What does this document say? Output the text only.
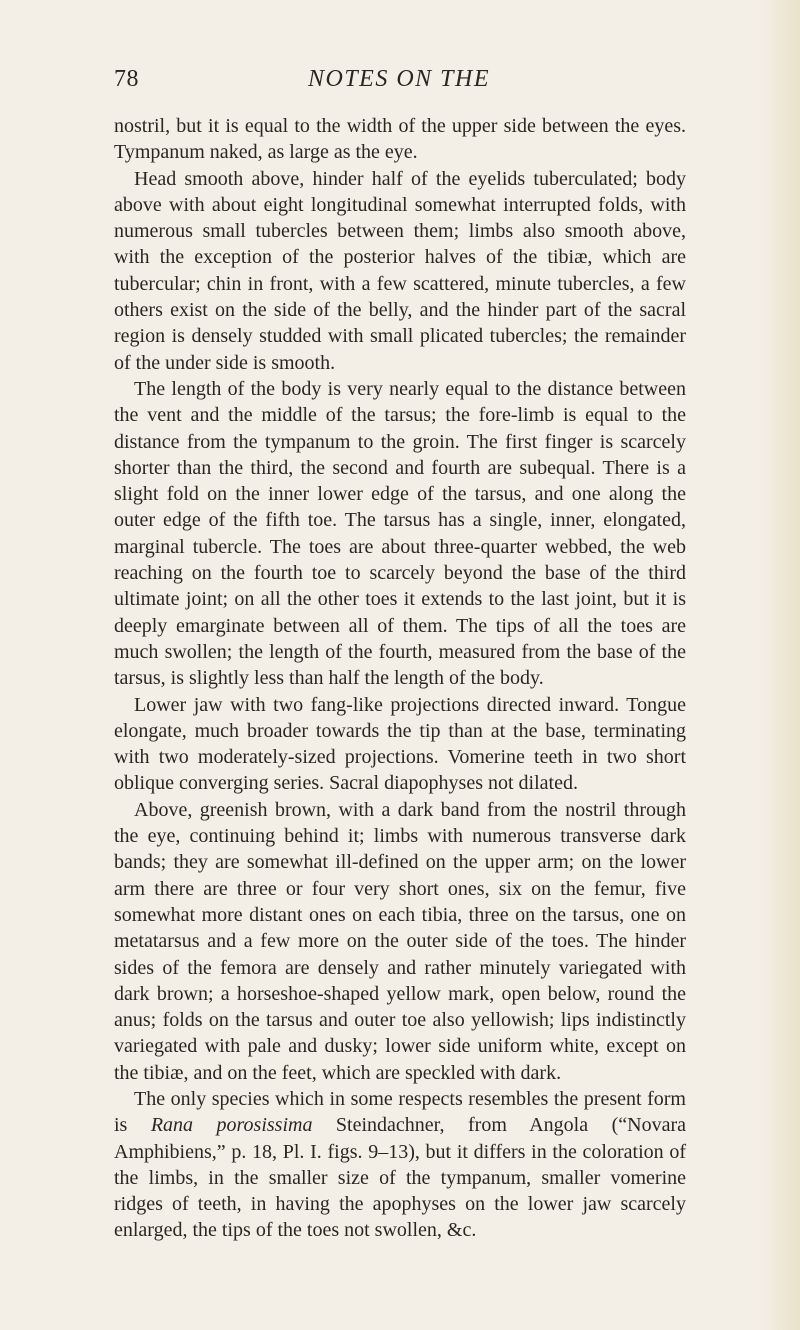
78	NOTES ON THE

nostril, but it is equal to the width of the upper side between the eyes. Tympanum naked, as large as the eye.

Head smooth above, hinder half of the eyelids tuberculated; body above with about eight longitudinal somewhat interrupted folds, with numerous small tubercles between them; limbs also smooth above, with the exception of the posterior halves of the tibiæ, which are tubercular; chin in front, with a few scattered, minute tubercles, a few others exist on the side of the belly, and the hinder part of the sacral region is densely studded with small plicated tubercles; the remainder of the under side is smooth.

The length of the body is very nearly equal to the distance between the vent and the middle of the tarsus; the fore-limb is equal to the distance from the tympanum to the groin. The first finger is scarcely shorter than the third, the second and fourth are subequal. There is a slight fold on the inner lower edge of the tarsus, and one along the outer edge of the fifth toe. The tarsus has a single, inner, elongated, marginal tubercle. The toes are about three-quarter webbed, the web reaching on the fourth toe to scarcely beyond the base of the third ultimate joint; on all the other toes it extends to the last joint, but it is deeply emarginate between all of them. The tips of all the toes are much swollen; the length of the fourth, measured from the base of the tarsus, is slightly less than half the length of the body.

Lower jaw with two fang-like projections directed inward. Tongue elongate, much broader towards the tip than at the base, terminating with two moderately-sized projections. Vomerine teeth in two short oblique converging series. Sacral diapophyses not dilated.

Above, greenish brown, with a dark band from the nostril through the eye, continuing behind it; limbs with numerous transverse dark bands; they are somewhat ill-defined on the upper arm; on the lower arm there are three or four very short ones, six on the femur, five somewhat more distant ones on each tibia, three on the tarsus, one on metatarsus and a few more on the outer side of the toes. The hinder sides of the femora are densely and rather minutely variegated with dark brown; a horseshoe-shaped yellow mark, open below, round the anus; folds on the tarsus and outer toe also yellowish; lips indistinctly variegated with pale and dusky; lower side uniform white, except on the tibiæ, and on the feet, which are speckled with dark.

The only species which in some respects resembles the present form is Rana porosissima Steindachner, from Angola (“Novara Amphibiens,” p. 18, Pl. I. figs. 9–13), but it differs in the coloration of the limbs, in the smaller size of the tympanum, smaller vomerine ridges of teeth, in having the apophyses on the lower jaw scarcely enlarged, the tips of the toes not swollen, &c.
